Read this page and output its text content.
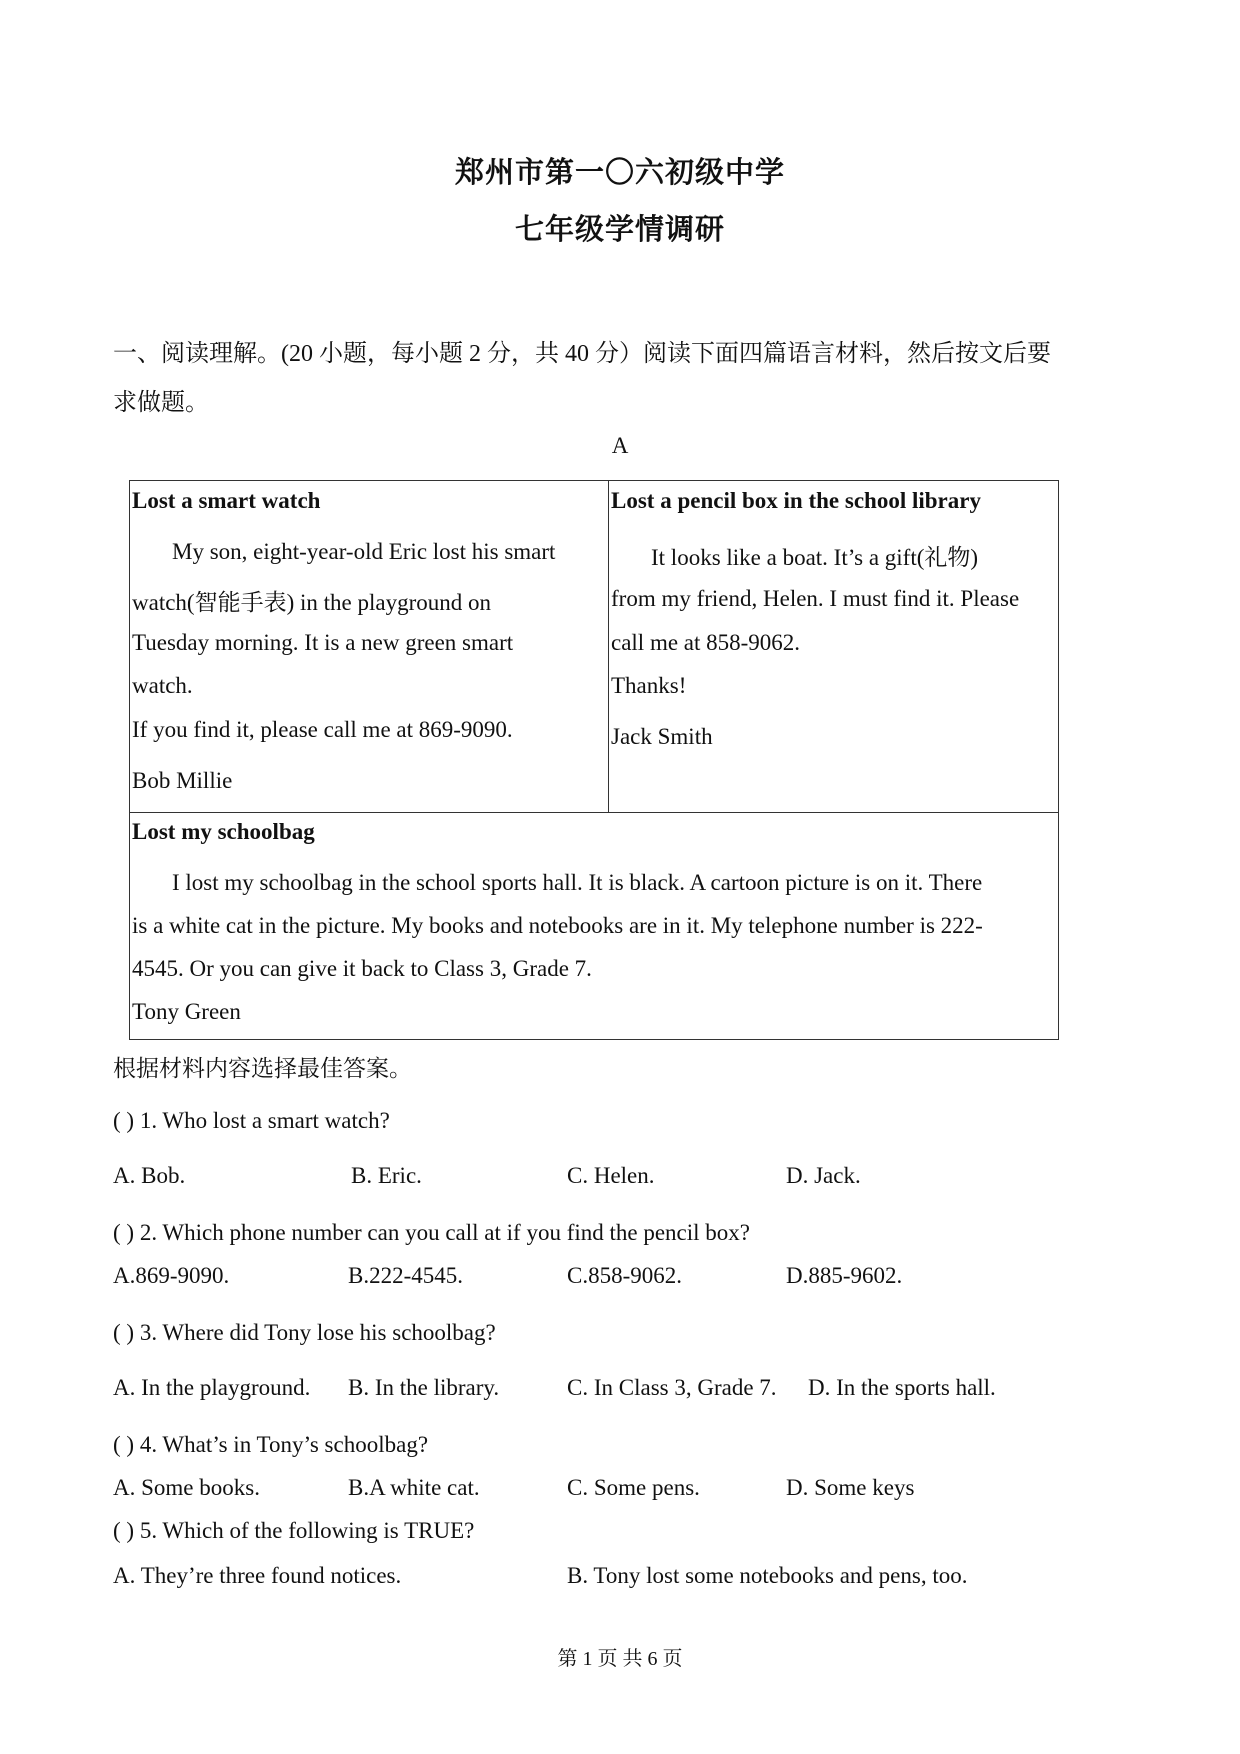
郑州市第一〇六初级中学
七年级学情调研
一、阅读理解。(20 小题，每小题 2 分，共 40 分）阅读下面四篇语言材料，然后按文后要
求做题。
A
Lost a smart watch
My son, eight-year-old Eric lost his smart
watch(智能手表) in the playground on
Tuesday morning. It is a new green smart
watch.
If you find it, please call me at 869-9090.
Bob Millie
Lost a pencil box in the school library
It looks like a boat. It’s a gift(礼物)
from my friend, Helen. I must find it. Please
call me at 858-9062.
Thanks!
Jack Smith
Lost my schoolbag
I lost my schoolbag in the school sports hall. It is black. A cartoon picture is on it. There
is a white cat in the picture. My books and notebooks are in it. My telephone number is 222-
4545. Or you can give it back to Class 3, Grade 7.
Tony Green
根据材料内容选择最佳答案。
( ) 1. Who lost a smart watch?
A. Bob.	B. Eric.	C. Helen.	D. Jack.
( ) 2. Which phone number can you call at if you find the pencil box?
A.869-9090.	B.222-4545.	C.858-9062.	D.885-9602.
( ) 3. Where did Tony lose his schoolbag?
A. In the playground. B. In the library.	C. In Class 3, Grade 7. D. In the sports hall.
( ) 4. What’s in Tony’s schoolbag?
A. Some books.	B.A white cat.	C. Some pens.	D. Some keys
( ) 5. Which of the following is TRUE?
A. They’re three found notices.	B. Tony lost some notebooks and pens, too.
第 1 页 共 6 页
